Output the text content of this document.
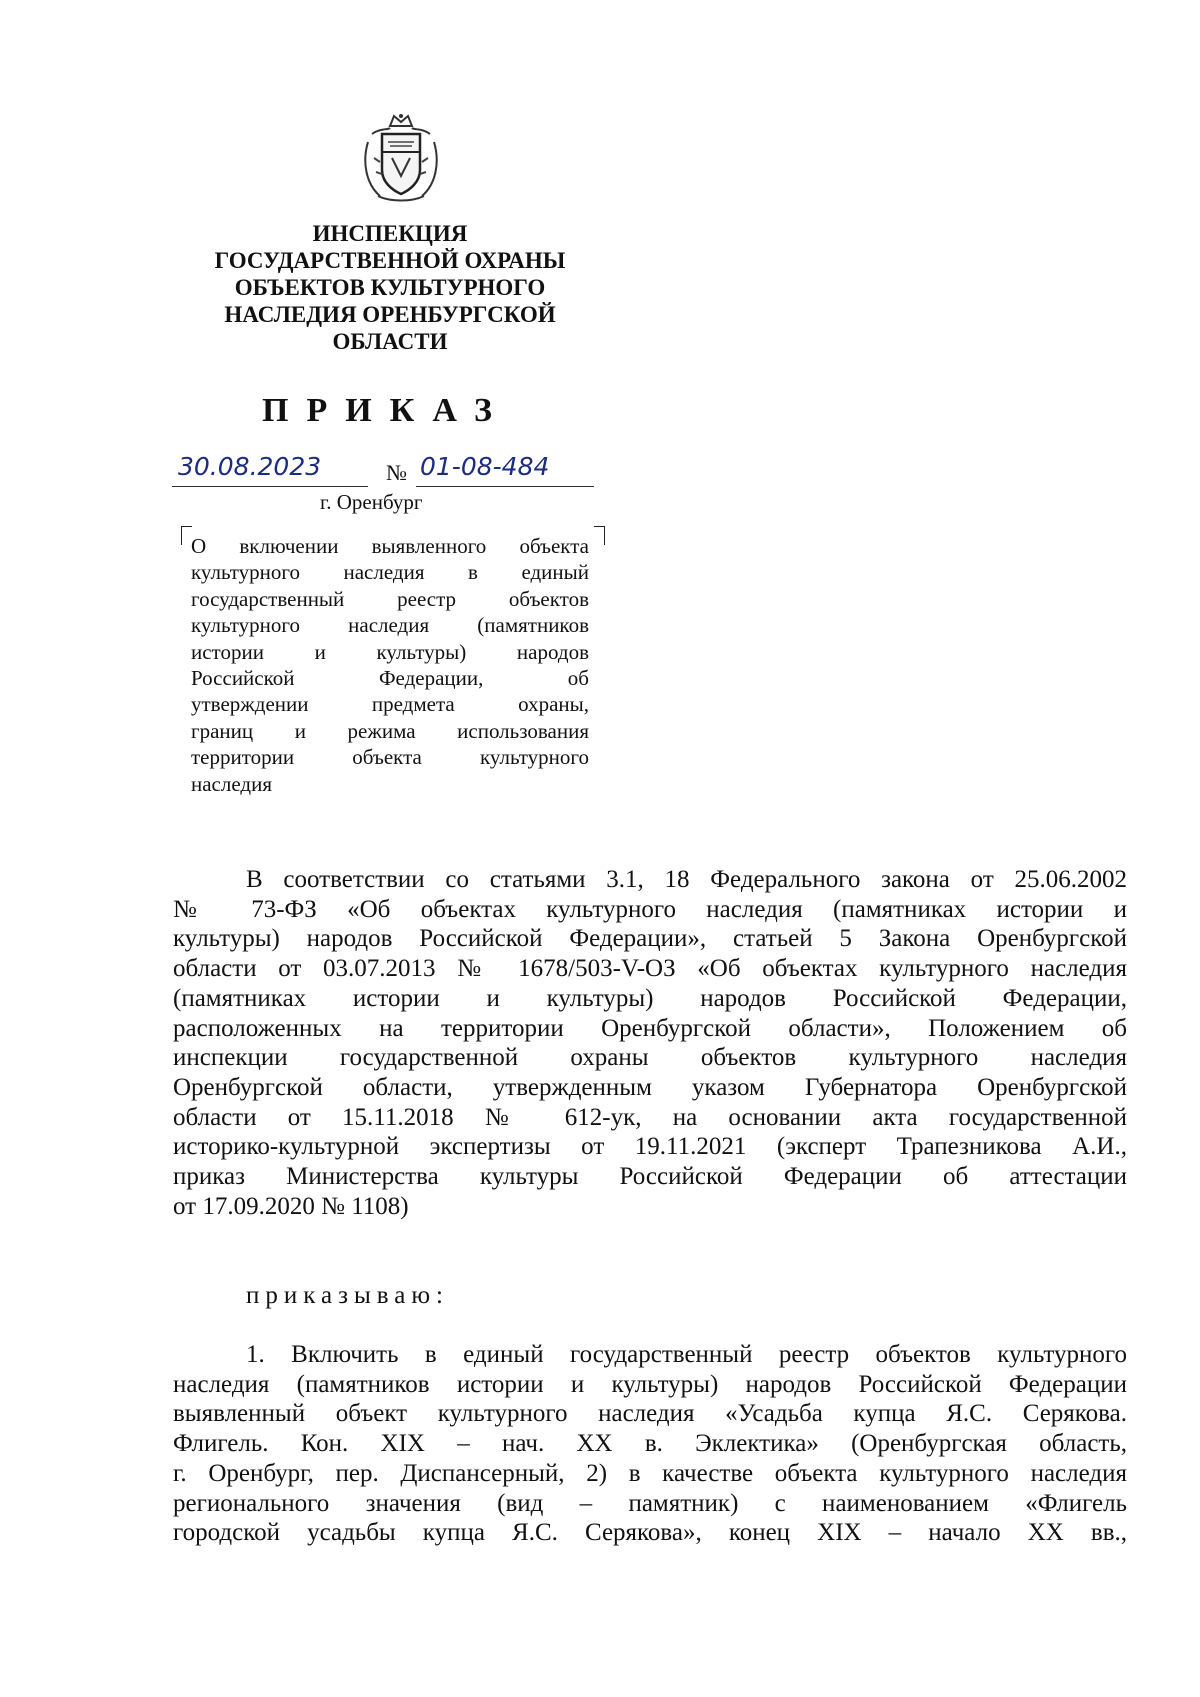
ИНСПЕКЦИЯ
ГОСУДАРСТВЕННОЙ ОХРАНЫ
ОБЪЕКТОВ КУЛЬТУРНОГО
НАСЛЕДИЯ ОРЕНБУРГСКОЙ
ОБЛАСТИ
ПРИКАЗ
30.08.2023	№ 01-08-484
г. Оренбург
О включении выявленного объекта
культурного наследия в единый
государственный реестр объектов
культурного наследия (памятников
истории и культуры) народов
Российской Федерации, об
утверждении предмета охраны,
границ и режима использования
территории объекта культурного
наследия
В соответствии со статьями 3.1, 18 Федерального закона от 25.06.2002
№ 73-ФЗ «Об объектах культурного наследия (памятниках истории и
культуры) народов Российской Федерации», статьей 5 Закона Оренбургской
области от 03.07.2013 № 1678/503-V-ОЗ «Об объектах культурного наследия
(памятниках истории и культуры) народов Российской Федерации,
расположенных на территории Оренбургской области», Положением об
инспекции государственной охраны объектов культурного наследия
Оренбургской области, утвержденным указом Губернатора Оренбургской
области от 15.11.2018 № 612-ук, на основании акта государственной
историко-культурной экспертизы от 19.11.2021 (эксперт Трапезникова А.И.,
приказ Министерства культуры Российской Федерации об аттестации
от 17.09.2020 № 1108)
приказываю:
1. Включить в единый государственный реестр объектов культурного
наследия (памятников истории и культуры) народов Российской Федерации
выявленный объект культурного наследия «Усадьба купца Я.С. Серякова.
Флигель. Кон. XIX – нач. XX в. Эклектика» (Оренбургская область,
г. Оренбург, пер. Диспансерный, 2) в качестве объекта культурного наследия
регионального значения (вид – памятник) с наименованием «Флигель
городской усадьбы купца Я.С. Серякова», конец XIX – начало XX вв.,
